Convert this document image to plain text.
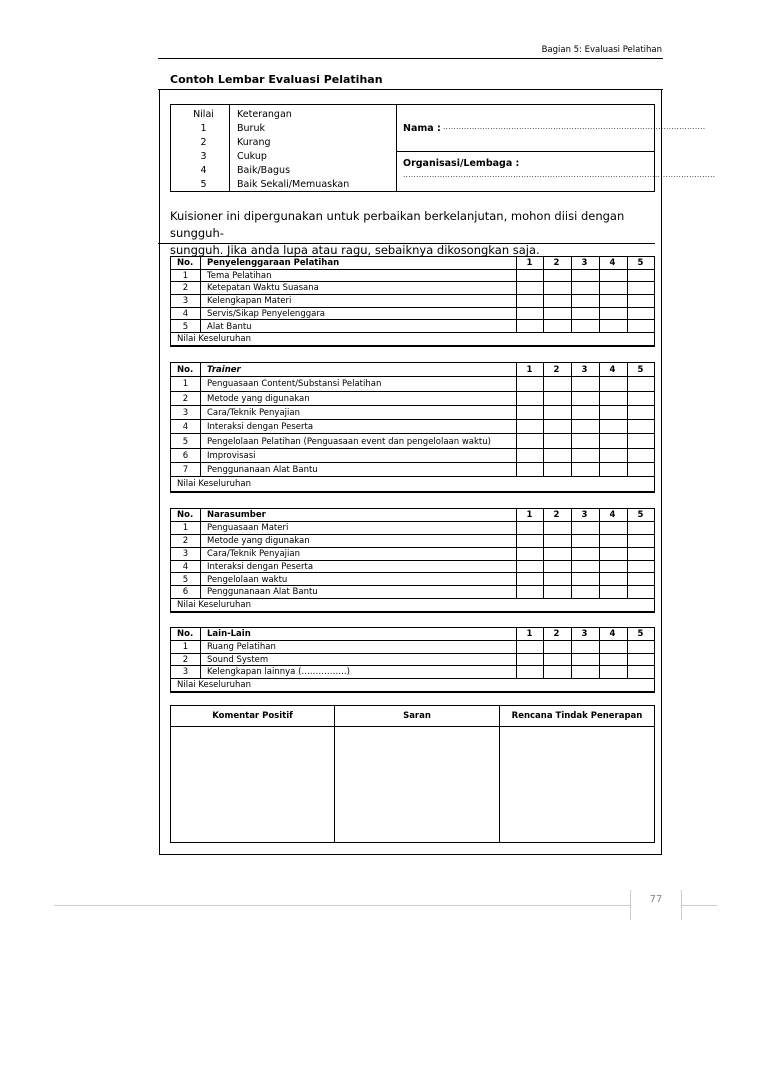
Bagian 5: Evaluasi Pelatihan
Contoh Lembar Evaluasi Pelatihan
Nilai	Keterangan
1	Buruk
2	Kurang
3	Cukup
4	Baik/Bagus
5	Baik Sekali/Memuaskan
Nama : ....................................................................................................
Organisasi/Lembaga :
.......................................................................................................................
Kuisioner ini dipergunakan untuk perbaikan berkelanjutan, mohon diisi dengan sungguh-
sungguh. Jika anda lupa atau ragu, sebaiknya dikosongkan saja.
No.	Penyelenggaraan Pelatihan	1	2	3	4	5
1	Tema Pelatihan
2	Ketepatan Waktu Suasana
3	Kelengkapan Materi
4	Servis/Sikap Penyelenggara
5	Alat Bantu
Nilai Keseluruhan
No.	Trainer	1	2	3	4	5
1	Penguasaan Content/Substansi Pelatihan
2	Metode yang digunakan
3	Cara/Teknik Penyajian
4	Interaksi dengan Peserta
5	Pengelolaan Pelatihan (Penguasaan event dan pengelolaan waktu)
6	Improvisasi
7	Penggunanaan Alat Bantu
Nilai Keseluruhan
No.	Narasumber	1	2	3	4	5
1	Penguasaan Materi
2	Metode yang digunakan
3	Cara/Teknik Penyajian
4	Interaksi dengan Peserta
5	Pengelolaan waktu
6	Penggunanaan Alat Bantu
Nilai Keseluruhan
No.	Lain-Lain	1	2	3	4	5
1	Ruang Pelatihan
2	Sound System
3	Kelengkapan lainnya (…………….)
Nilai Keseluruhan
Komentar Positif	Saran	Rencana Tindak Penerapan
77
